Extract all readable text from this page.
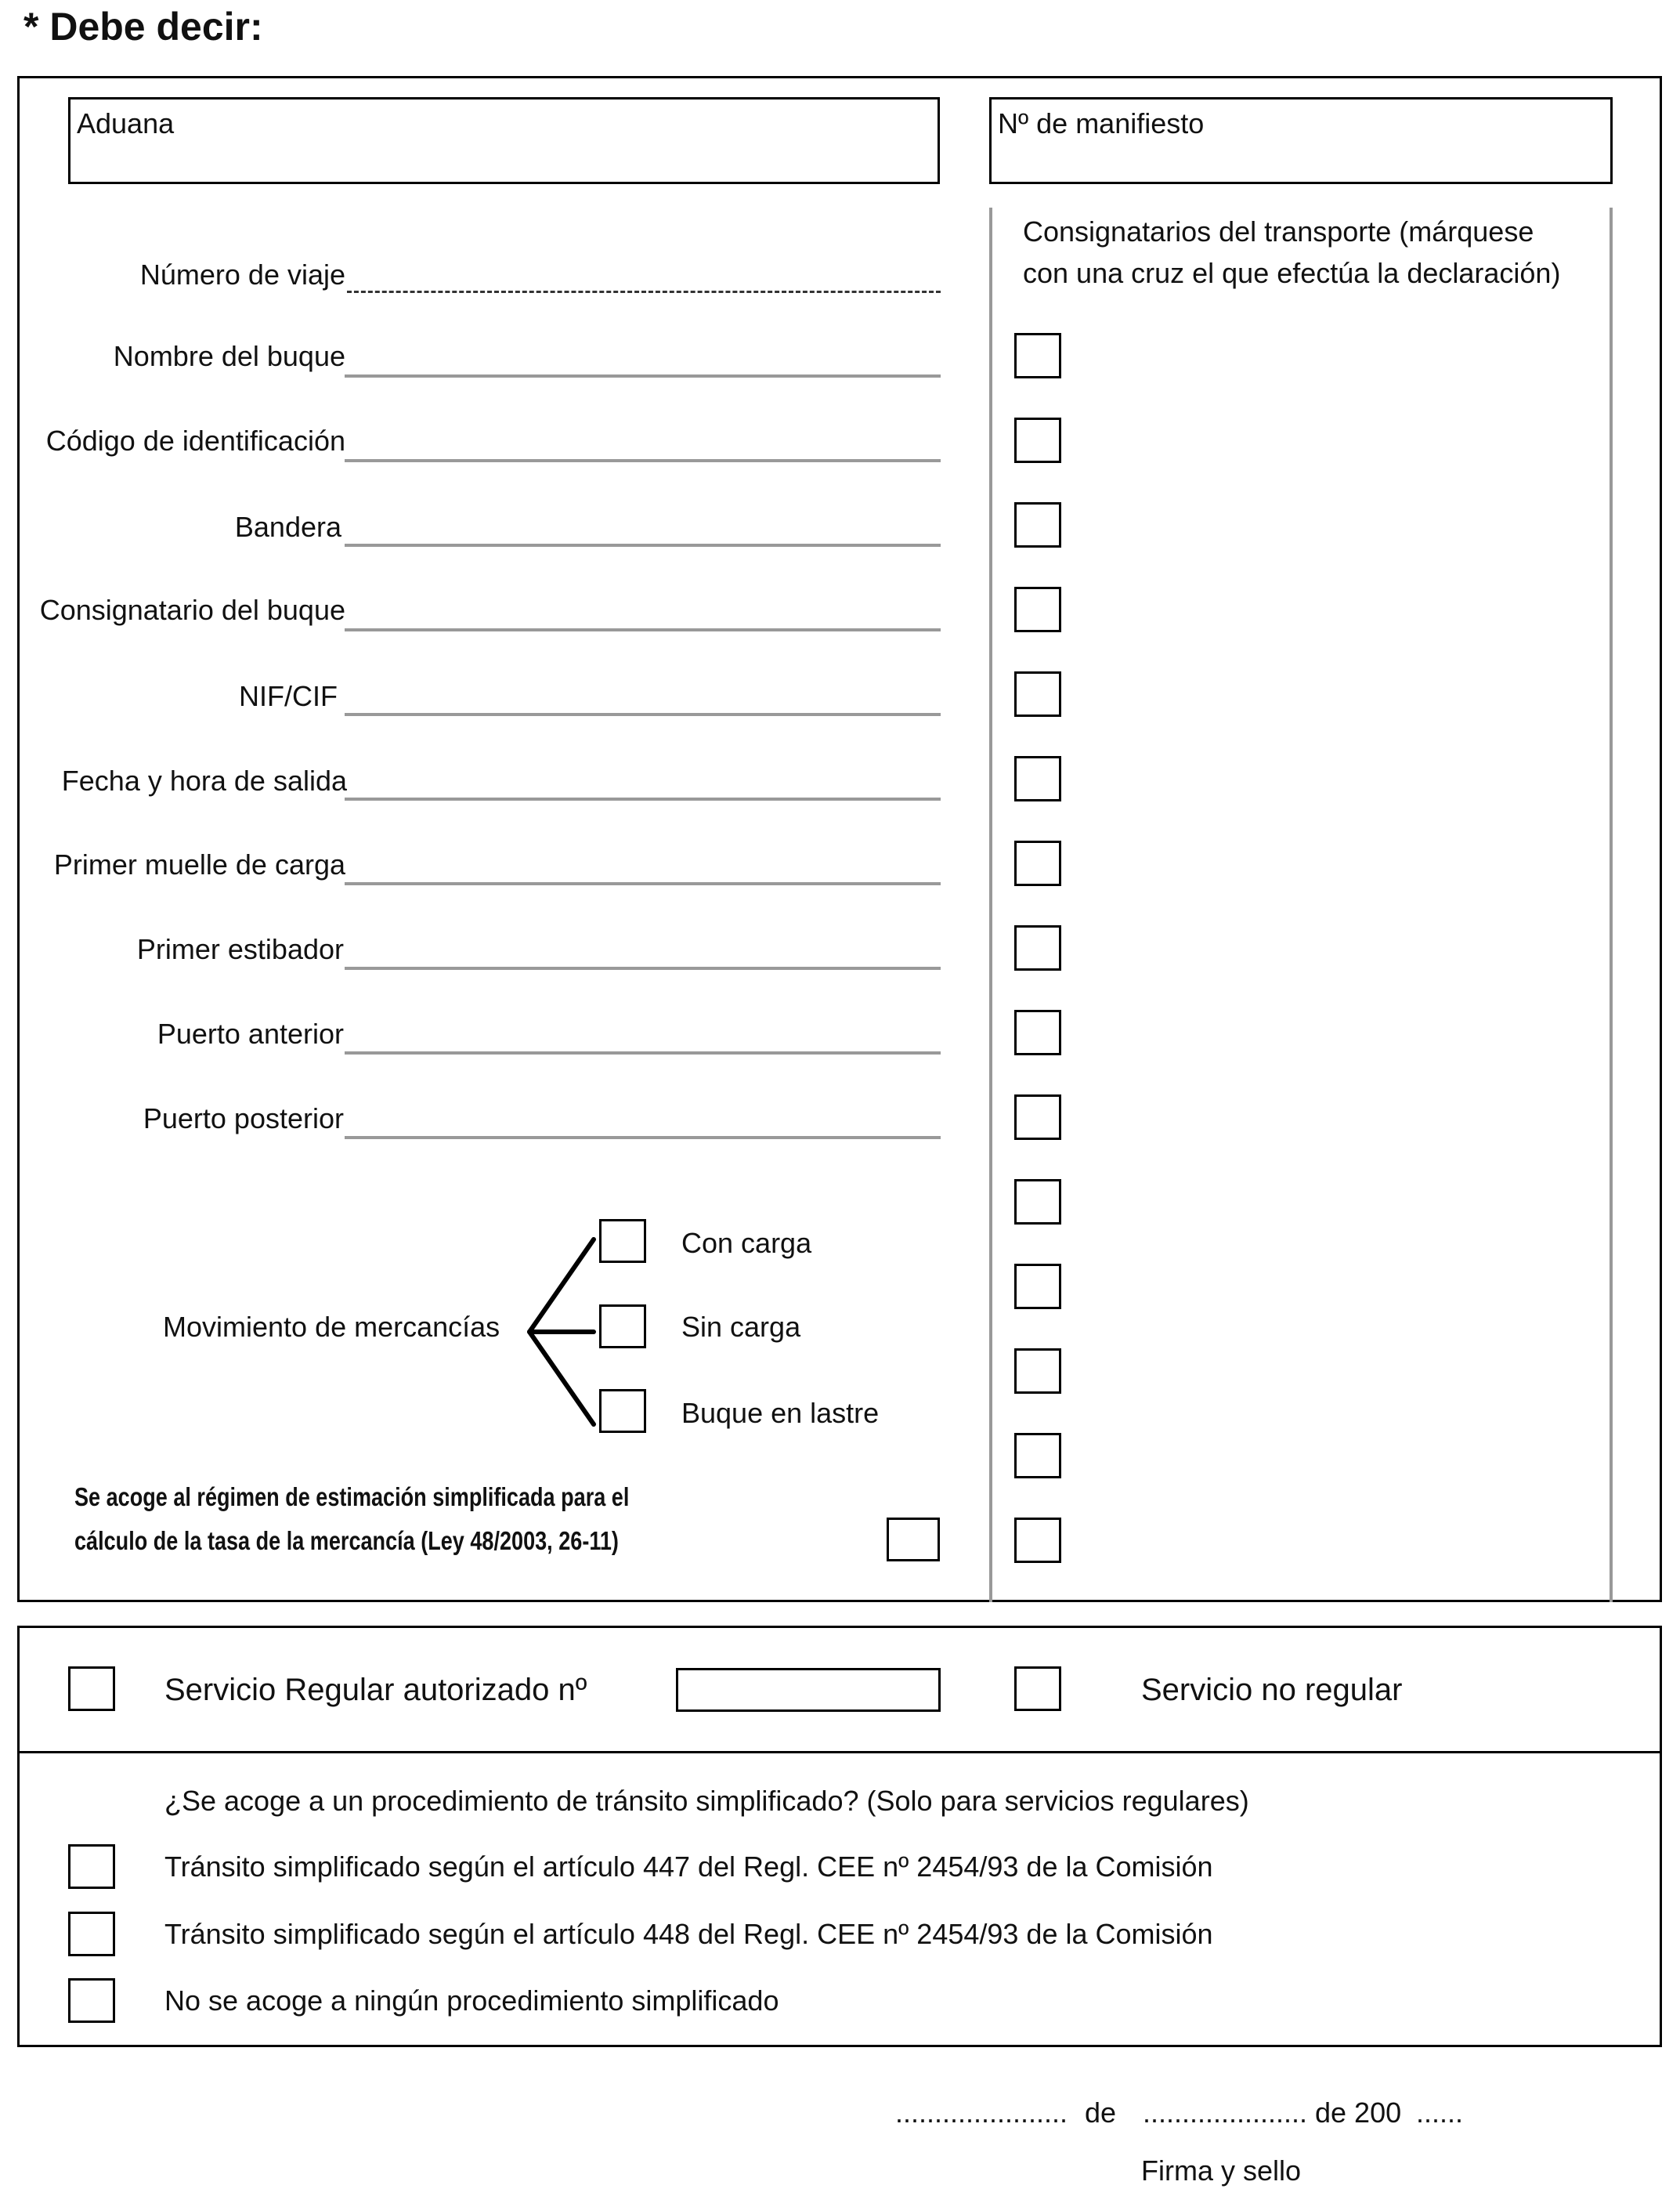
* Debe decir:
Aduana	Nº de manifiesto
Consignatarios del transporte (márquese
con una cruz el que efectúa la declaración)
Número de viaje
Nombre del buque
Código de identificación
Bandera
Consignatario del buque
NIF/CIF
Fecha y hora de salida
Primer muelle de carga
Primer estibador
Puerto anterior
Puerto posterior
Movimiento de mercancías
Con carga
Sin carga
Buque en lastre
Se acoge al régimen de estimación simplificada para el
cálculo de la tasa de la mercancía (Ley 48/2003, 26-11)
Servicio Regular autorizado nº	Servicio no regular
¿Se acoge a un procedimiento de tránsito simplificado? (Solo para servicios regulares)
Tránsito simplificado según el artículo 447 del Regl. CEE nº 2454/93 de la Comisión
Tránsito simplificado según el artículo 448 del Regl. CEE nº 2454/93 de la Comisión
No se acoge a ningún procedimiento simplificado
...................... de ..................... de 200 ......
Firma y sello
